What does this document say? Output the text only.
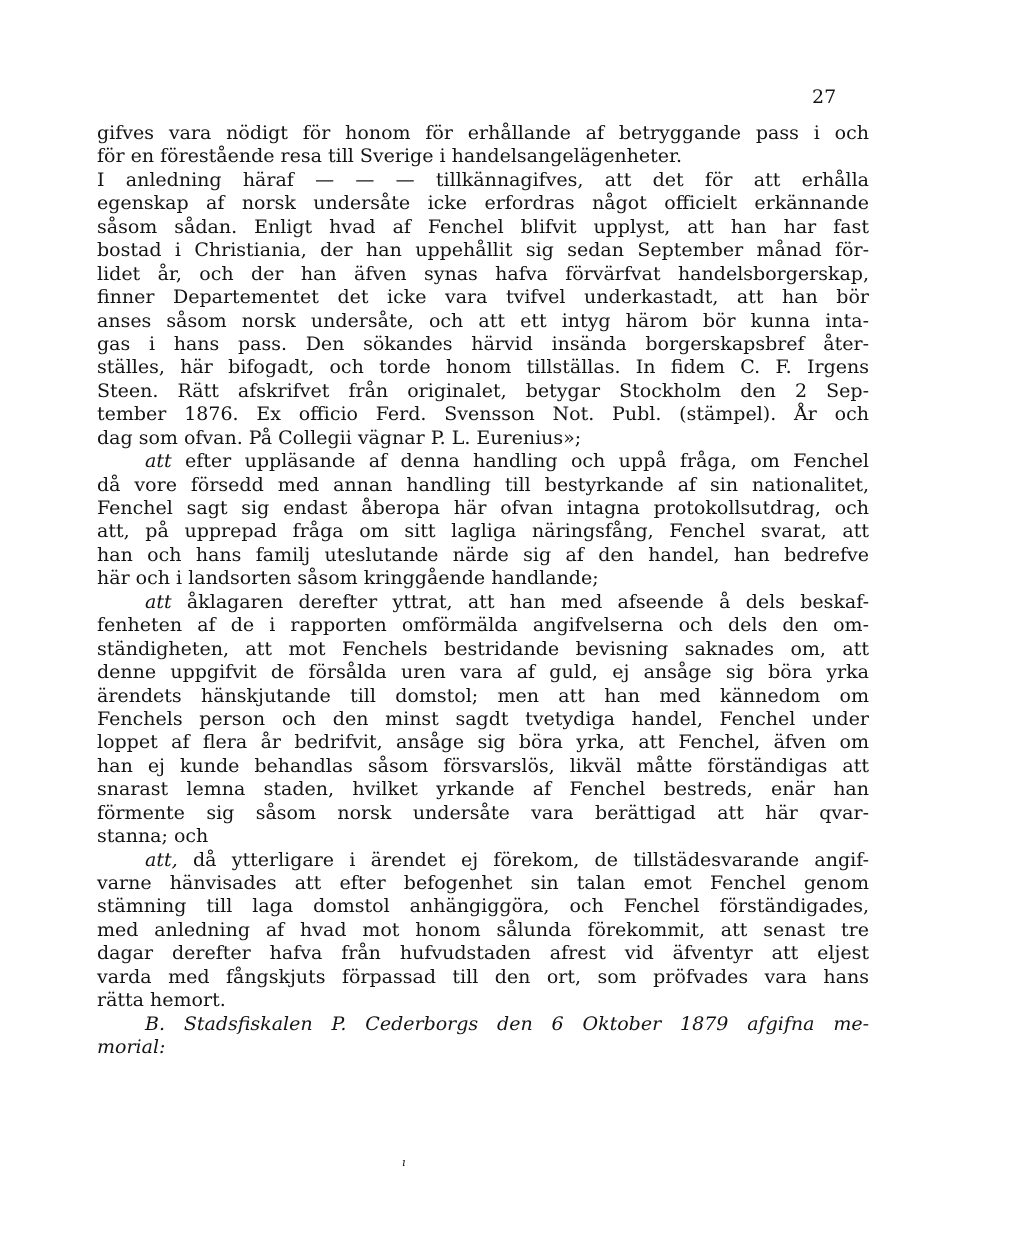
27
gifves vara nödigt för honom för erhållande af betryggande pass i och
för en förestående resa till Sverige i handelsangelägenheter.
I anledning häraf — — — tillkännagifves, att det för att erhålla
egenskap af norsk undersåte icke erfordras något officielt erkännande
såsom sådan. Enligt hvad af Fenchel blifvit upplyst, att han har fast
bostad i Christiania, der han uppehållit sig sedan September månad för-
lidet år, och der han äfven synas hafva förvärfvat handelsborgerskap,
finner Departementet det icke vara tvifvel underkastadt, att han bör
anses såsom norsk undersåte, och att ett intyg härom bör kunna inta-
gas i hans pass. Den sökandes härvid insända borgerskapsbref åter-
ställes, här bifogadt, och torde honom tillställas. In fidem C. F. Irgens
Steen. Rätt afskrifvet från originalet, betygar Stockholm den 2 Sep-
tember 1876. Ex officio Ferd. Svensson Not. Publ. (stämpel). År och
dag som ofvan. På Collegii vägnar P. L. Eurenius»;
att efter uppläsande af denna handling och uppå fråga, om Fenchel
då vore försedd med annan handling till bestyrkande af sin nationalitet,
Fenchel sagt sig endast åberopa här ofvan intagna protokollsutdrag, och
att, på upprepad fråga om sitt lagliga näringsfång, Fenchel svarat, att
han och hans familj uteslutande närde sig af den handel, han bedrefve
här och i landsorten såsom kringgående handlande;
att åklagaren derefter yttrat, att han med afseende å dels beskaf-
fenheten af de i rapporten omförmälda angifvelserna och dels den om-
ständigheten, att mot Fenchels bestridande bevisning saknades om, att
denne uppgifvit de försålda uren vara af guld, ej ansåge sig böra yrka
ärendets hänskjutande till domstol; men att han med kännedom om
Fenchels person och den minst sagdt tvetydiga handel, Fenchel under
loppet af flera år bedrifvit, ansåge sig böra yrka, att Fenchel, äfven om
han ej kunde behandlas såsom försvarslös, likväl måtte förständigas att
snarast lemna staden, hvilket yrkande af Fenchel bestreds, enär han
förmente sig såsom norsk undersåte vara berättigad att här qvar-
stanna; och
att, då ytterligare i ärendet ej förekom, de tillstädesvarande angif-
varne hänvisades att efter befogenhet sin talan emot Fenchel genom
stämning till laga domstol anhängiggöra, och Fenchel förständigades,
med anledning af hvad mot honom sålunda förekommit, att senast tre
dagar derefter hafva från hufvudstaden afrest vid äfventyr att eljest
varda med fångskjuts förpassad till den ort, som pröfvades vara hans
rätta hemort.
B. Stadsfiskalen P. Cederborgs den 6 Oktober 1879 afgifna me-
morial:
ı
